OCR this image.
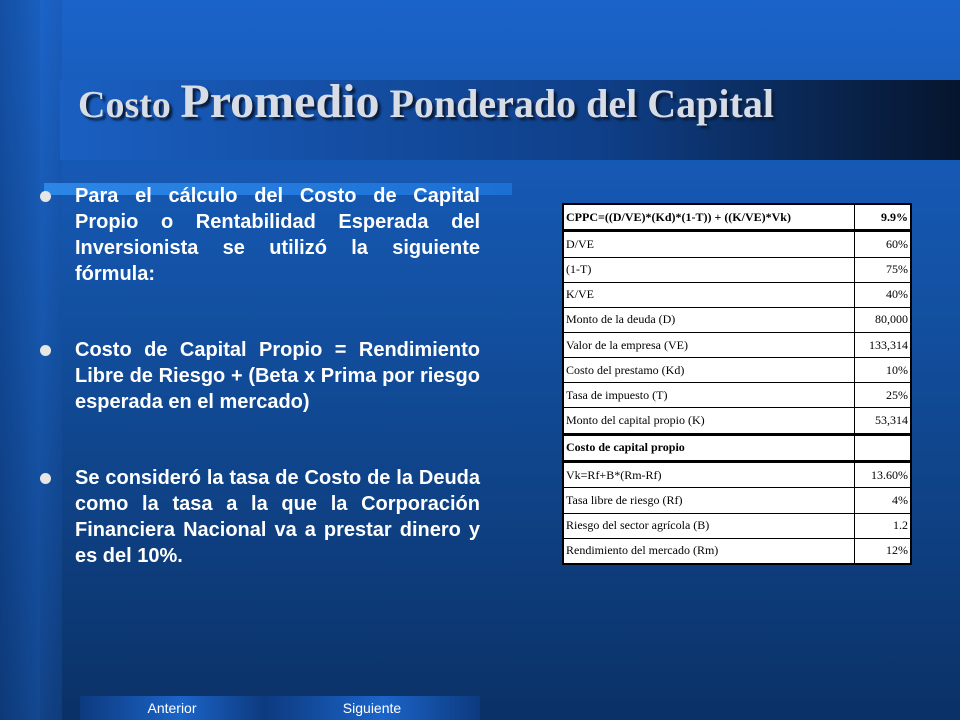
Costo Promedio Ponderado del Capital
Para el cálculo del Costo de Capital Propio o Rentabilidad Esperada del Inversionista se utilizó la siguiente fórmula:
Costo de Capital Propio = Rendimiento Libre de Riesgo + (Beta x Prima por riesgo esperada en el mercado)
Se consideró la tasa de Costo de la Deuda como la tasa a la que la Corporación Financiera Nacional va a prestar dinero y es del 10%.
CPPC=((D/VE)*(Kd)*(1-T)) + ((K/VE)*Vk)	9.9%
D/VE	60%
(1-T)	75%
K/VE	40%
Monto de la deuda (D)	80,000
Valor de la empresa (VE)	133,314
Costo del prestamo (Kd)	10%
Tasa de impuesto (T)	25%
Monto del capital propio (K)	53,314
Costo de capital propio	
Vk=Rf+B*(Rm-Rf)	13.60%
Tasa libre de riesgo (Rf)	4%
Riesgo del sector agrícola (B)	1.2
Rendimiento del mercado (Rm)	12%
Anterior	Siguiente
